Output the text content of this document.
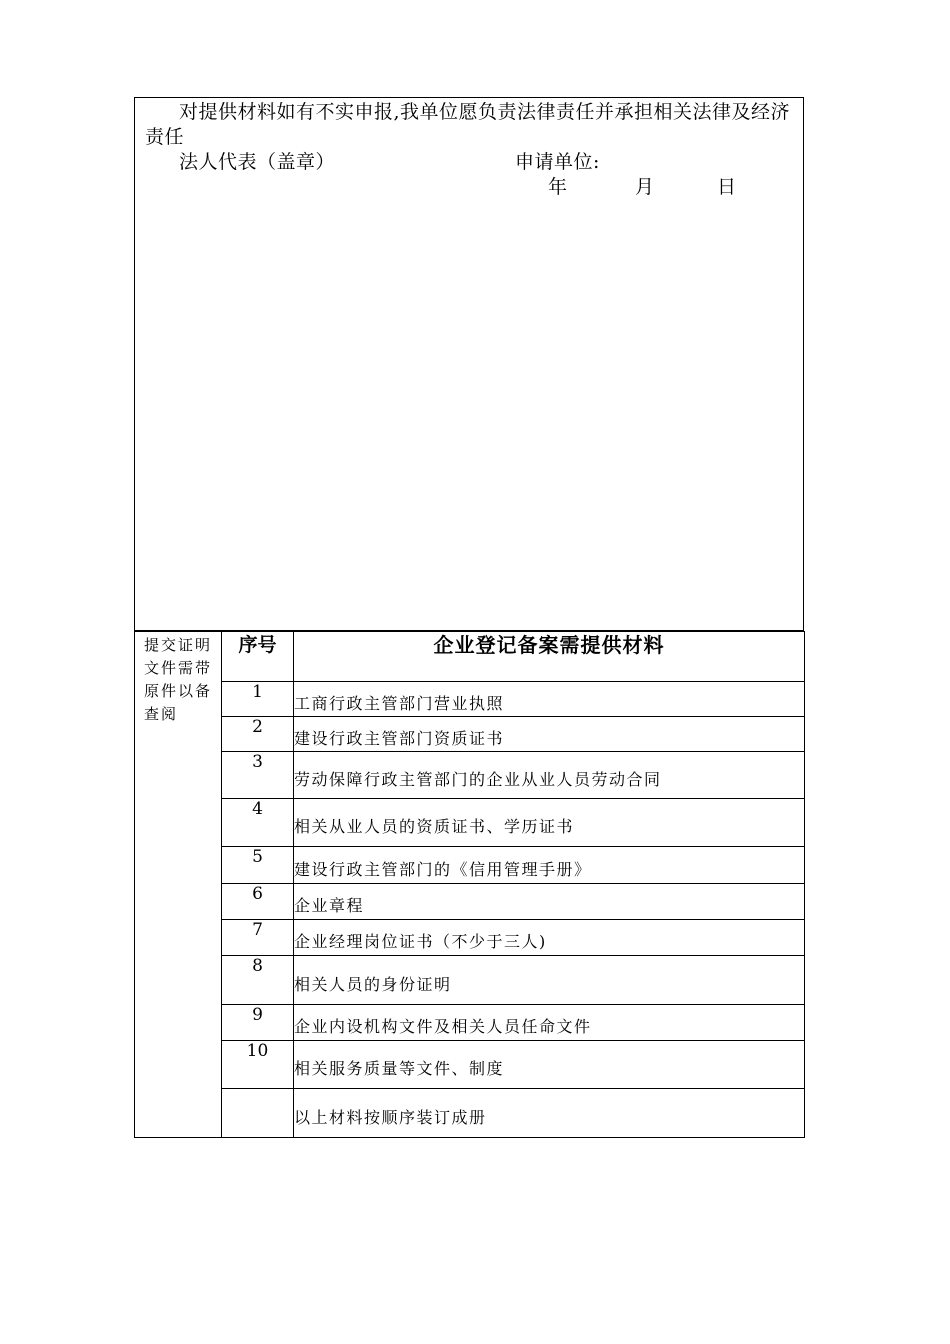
对提供材料如有不实申报,我单位愿负责法律责任并承担相关法律及经济责任
法人代表（盖章）	申请单位:
年	月	日
提交证明文件需带原件以备查阅	序号	企业登记备案需提供材料
	1	工商行政主管部门营业执照
	2	建设行政主管部门资质证书
	3	劳动保障行政主管部门的企业从业人员劳动合同
	4	相关从业人员的资质证书、学历证书
	5	建设行政主管部门的《信用管理手册》
	6	企业章程
	7	企业经理岗位证书（不少于三人)
	8	相关人员的身份证明
	9	企业内设机构文件及相关人员任命文件
	10	相关服务质量等文件、制度
		以上材料按顺序装订成册
